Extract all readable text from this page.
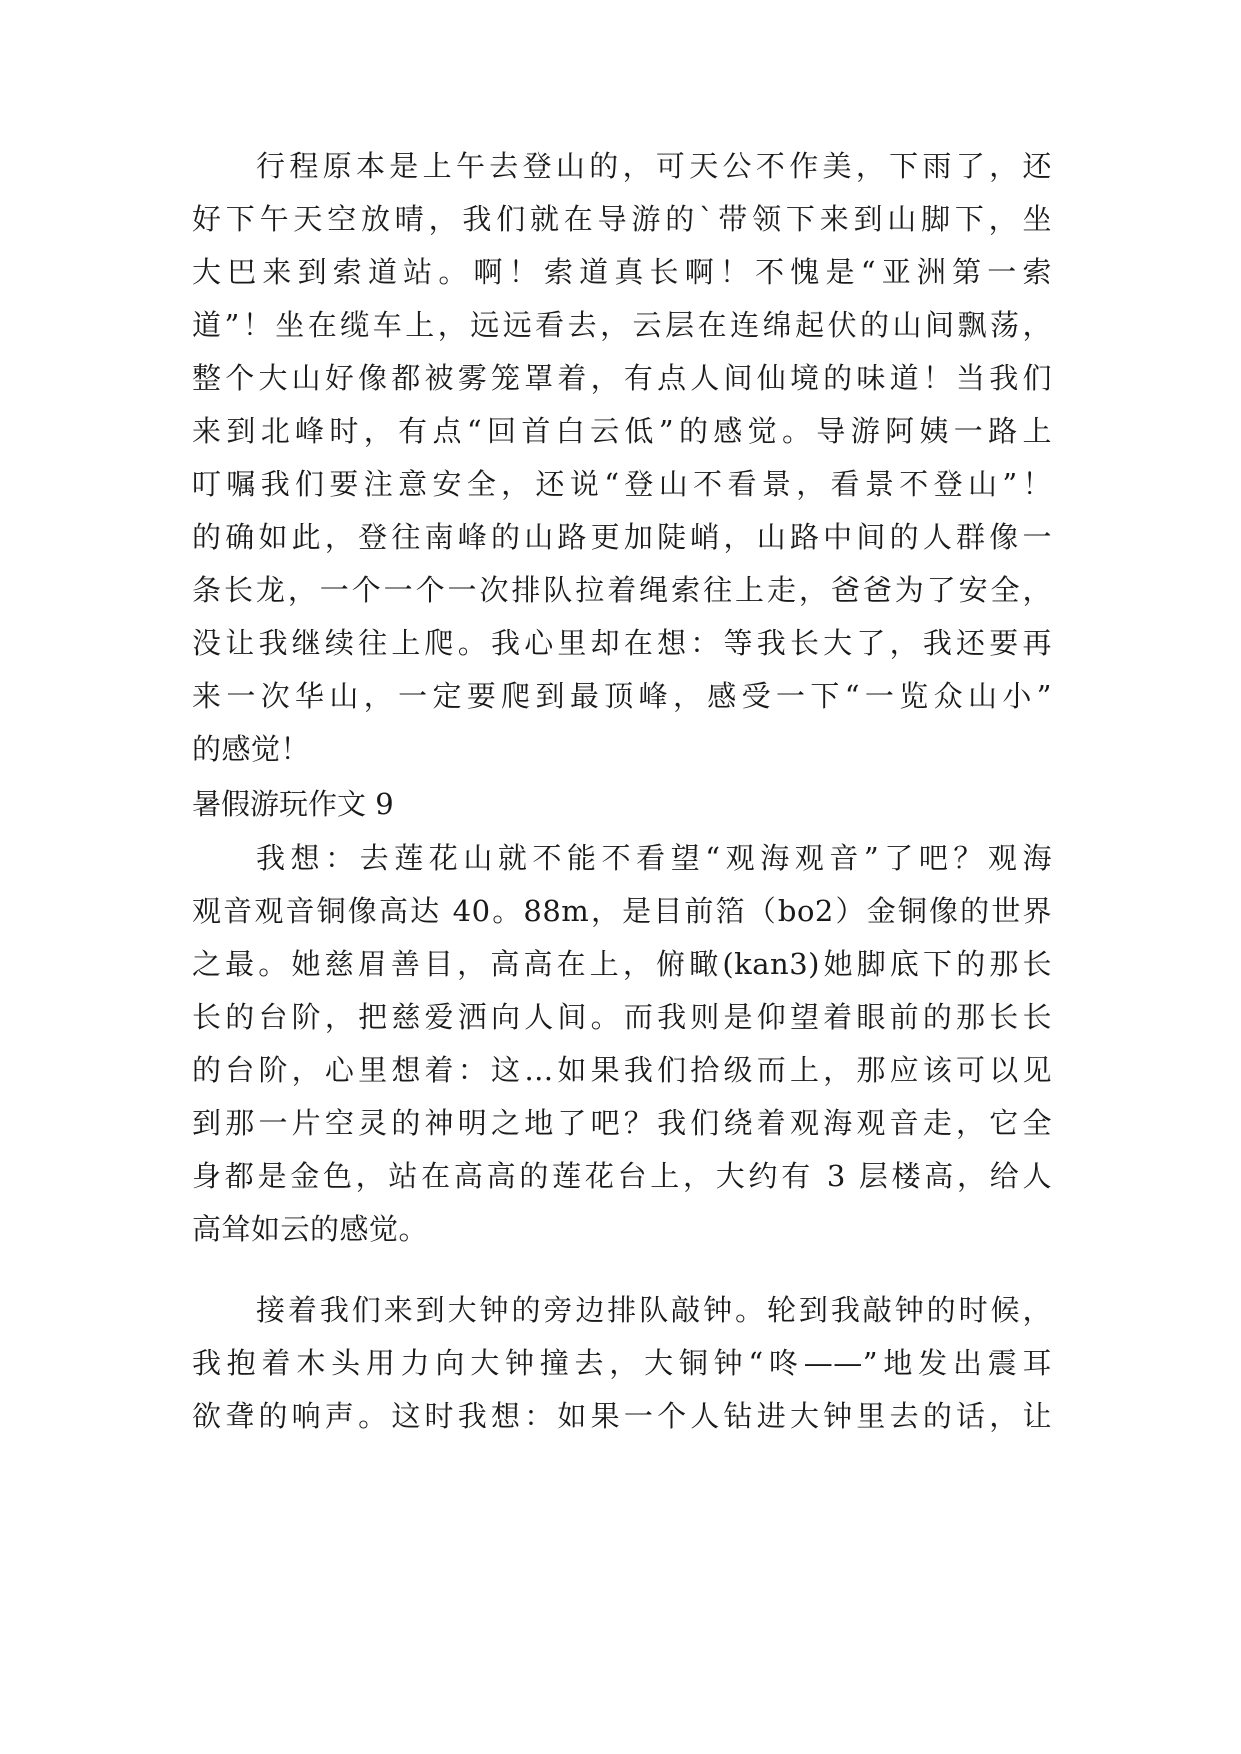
行程原本是上午去登山的，可天公不作美，下雨了，还
好下午天空放晴，我们就在导游的`带领下来到山脚下，坐
大巴来到索道站。啊！索道真长啊！不愧是“亚洲第一索
道”！坐在缆车上，远远看去，云层在连绵起伏的山间飘荡，
整个大山好像都被雾笼罩着，有点人间仙境的味道！当我们
来到北峰时，有点“回首白云低”的感觉。导游阿姨一路上
叮嘱我们要注意安全，还说“登山不看景，看景不登山”！
的确如此，登往南峰的山路更加陡峭，山路中间的人群像一
条长龙，一个一个一次排队拉着绳索往上走，爸爸为了安全，
没让我继续往上爬。我心里却在想：等我长大了，我还要再
来一次华山，一定要爬到最顶峰，感受一下“一览众山小”
的感觉！
暑假游玩作文 9
我想：去莲花山就不能不看望“观海观音”了吧？观海
观音观音铜像高达 40。88m，是目前箔（bo2）金铜像的世界
之最。她慈眉善目，高高在上，俯瞰(kan3)她脚底下的那长
长的台阶，把慈爱洒向人间。而我则是仰望着眼前的那长长
的台阶，心里想着：这…如果我们拾级而上，那应该可以见
到那一片空灵的神明之地了吧？我们绕着观海观音走，它全
身都是金色，站在高高的莲花台上，大约有 3 层楼高，给人
高耸如云的感觉。
接着我们来到大钟的旁边排队敲钟。轮到我敲钟的时候，
我抱着木头用力向大钟撞去，大铜钟“咚——”地发出震耳
欲聋的响声。这时我想：如果一个人钻进大钟里去的话，让
